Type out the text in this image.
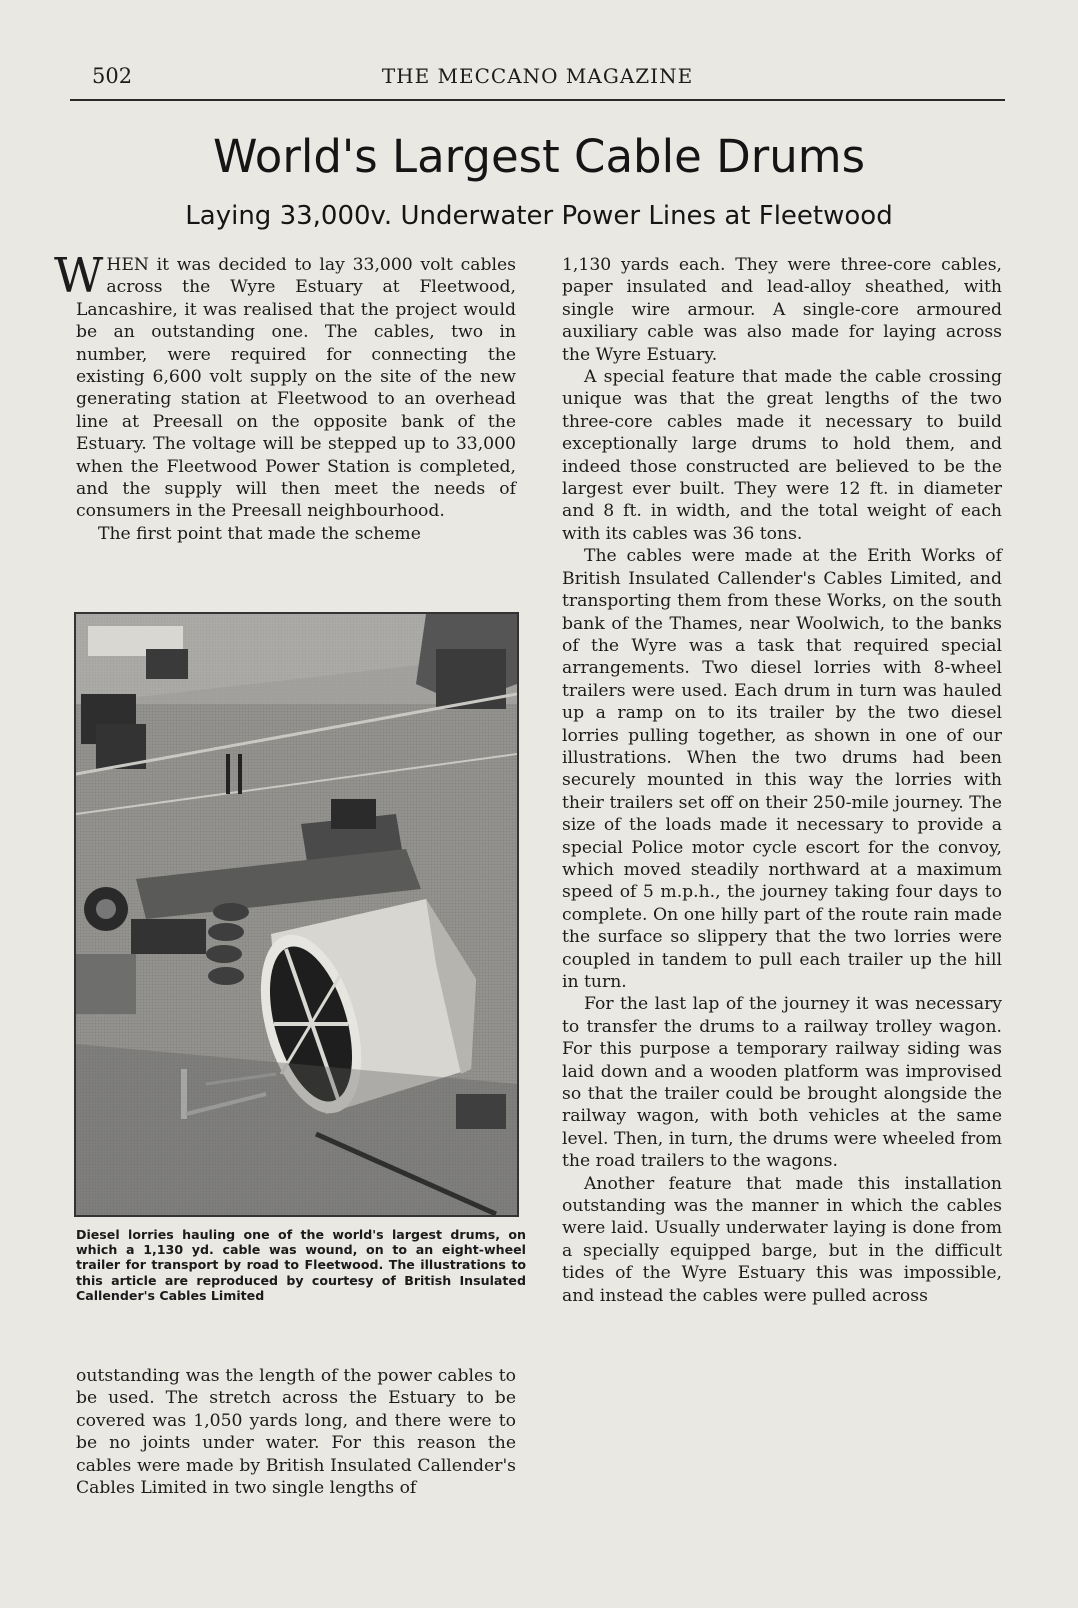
502	THE MECCANO MAGAZINE
World's Largest Cable Drums
Laying 33,000v. Underwater Power Lines at Fleetwood

WHEN it was decided to lay 33,000 volt cables across the Wyre Estuary at Fleetwood, Lancashire, it was realised that the project would be an outstanding one. The cables, two in number, were required for connecting the existing 6,600 volt supply on the site of the new generating station at Fleetwood to an overhead line at Preesall on the opposite bank of the Estuary. The voltage will be stepped up to 33,000 when the Fleetwood Power Station is completed, and the supply will then meet the needs of consumers in the Preesall neighbourhood.

The first point that made the scheme

Diesel lorries hauling one of the world's largest drums, on which a 1,130 yd. cable was wound, on to an eight-wheel trailer for transport by road to Fleetwood. The illustrations to this article are reproduced by courtesy of British Insulated Callender's Cables Limited

outstanding was the length of the power cables to be used. The stretch across the Estuary to be covered was 1,050 yards long, and there were to be no joints under water. For this reason the cables were made by British Insulated Callender's Cables Limited in two single lengths of

1,130 yards each. They were three-core cables, paper insulated and lead-alloy sheathed, with single wire armour. A single-core armoured auxiliary cable was also made for laying across the Wyre Estuary.

A special feature that made the cable crossing unique was that the great lengths of the two three-core cables made it necessary to build exceptionally large drums to hold them, and indeed those constructed are believed to be the largest ever built. They were 12 ft. in diameter and 8 ft. in width, and the total weight of each with its cables was 36 tons.

The cables were made at the Erith Works of British Insulated Callender's Cables Limited, and transporting them from these Works, on the south bank of the Thames, near Woolwich, to the banks of the Wyre was a task that required special arrangements. Two diesel lorries with 8-wheel trailers were used. Each drum in turn was hauled up a ramp on to its trailer by the two diesel lorries pulling together, as shown in one of our illustrations. When the two drums had been securely mounted in this way the lorries with their trailers set off on their 250-mile journey. The size of the loads made it necessary to provide a special Police motor cycle escort for the convoy, which moved steadily northward at a maximum speed of 5 m.p.h., the journey taking four days to complete. On one hilly part of the route rain made the surface so slippery that the two lorries were coupled in tandem to pull each trailer up the hill in turn.

For the last lap of the journey it was necessary to transfer the drums to a railway trolley wagon. For this purpose a temporary railway siding was laid down and a wooden platform was improvised so that the trailer could be brought alongside the railway wagon, with both vehicles at the same level. Then, in turn, the drums were wheeled from the road trailers to the wagons.

Another feature that made this installation outstanding was the manner in which the cables were laid. Usually underwater laying is done from a specially equipped barge, but in the difficult tides of the Wyre Estuary this was impossible, and instead the cables were pulled across
